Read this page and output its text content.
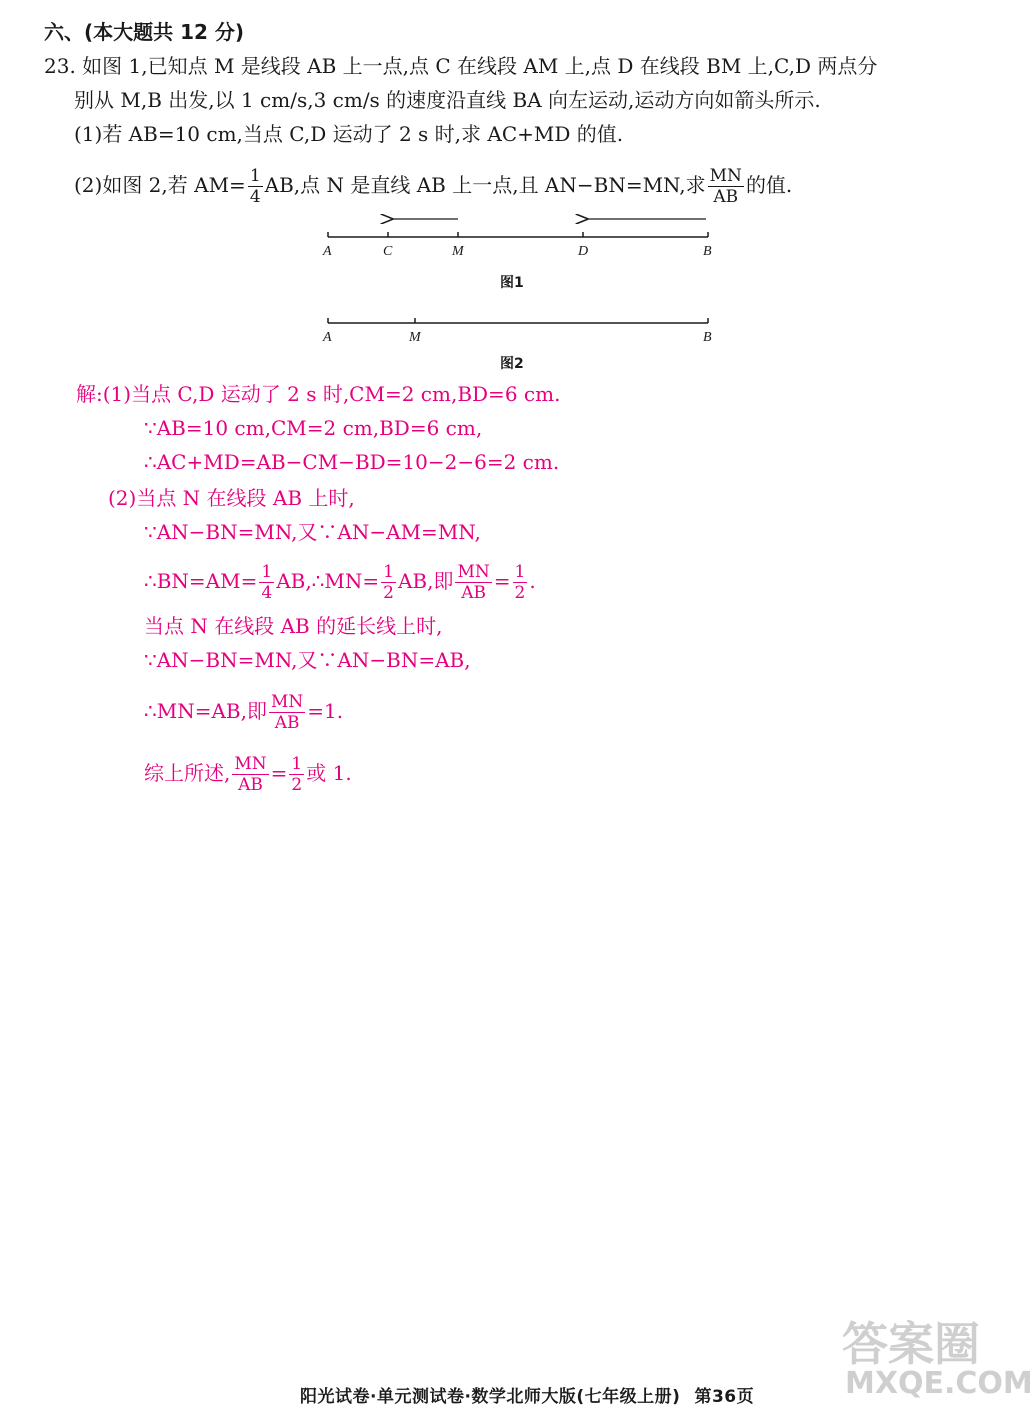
六、(本大题共 12 分)
23. 如图 1,已知点 M 是线段 AB 上一点,点 C 在线段 AM 上,点 D 在线段 BM 上,C,D 两点分
别从 M,B 出发,以 1 cm/s,3 cm/s 的速度沿直线 BA 向左运动,运动方向如箭头所示.
(1)若 AB=10 cm,当点 C,D 运动了 2 s 时,求 AC+MD 的值.
(2)如图 2,若 $AM= \frac{1}{4}$ AB,点 N 是直线 AB 上一点,且 AN−BN=MN,求 $\frac{MN}{AB}$ 的值.
A	C	M	D	B
图1
A	M	B
图2
解:(1)当点 C,D 运动了 2 s 时,CM=2 cm,BD=6 cm.
∵AB=10 cm,CM=2 cm,BD=6 cm,
∴AC+MD=AB−CM−BD=10−2−6=2 cm.
(2)当点 N 在线段 AB 上时,
∵AN−BN=MN,又∵AN−AM=MN,
∴BN=AM= $\frac{1}{4}$ AB,∴MN= $\frac{1}{2}$ AB,即 $\frac{MN}{AB} = \frac{1}{2}$ .
当点 N 在线段 AB 的延长线上时,
∵AN−BN=MN,又∵AN−BN=AB,
∴MN=AB,即 $\frac{MN}{AB} =1$.
综上所述, $\frac{MN}{AB} = \frac{1}{2}$ 或 1.
答案圈
MXQE.COM
阳光试卷·单元测试卷·数学北师大版(七年级上册) 第36页
